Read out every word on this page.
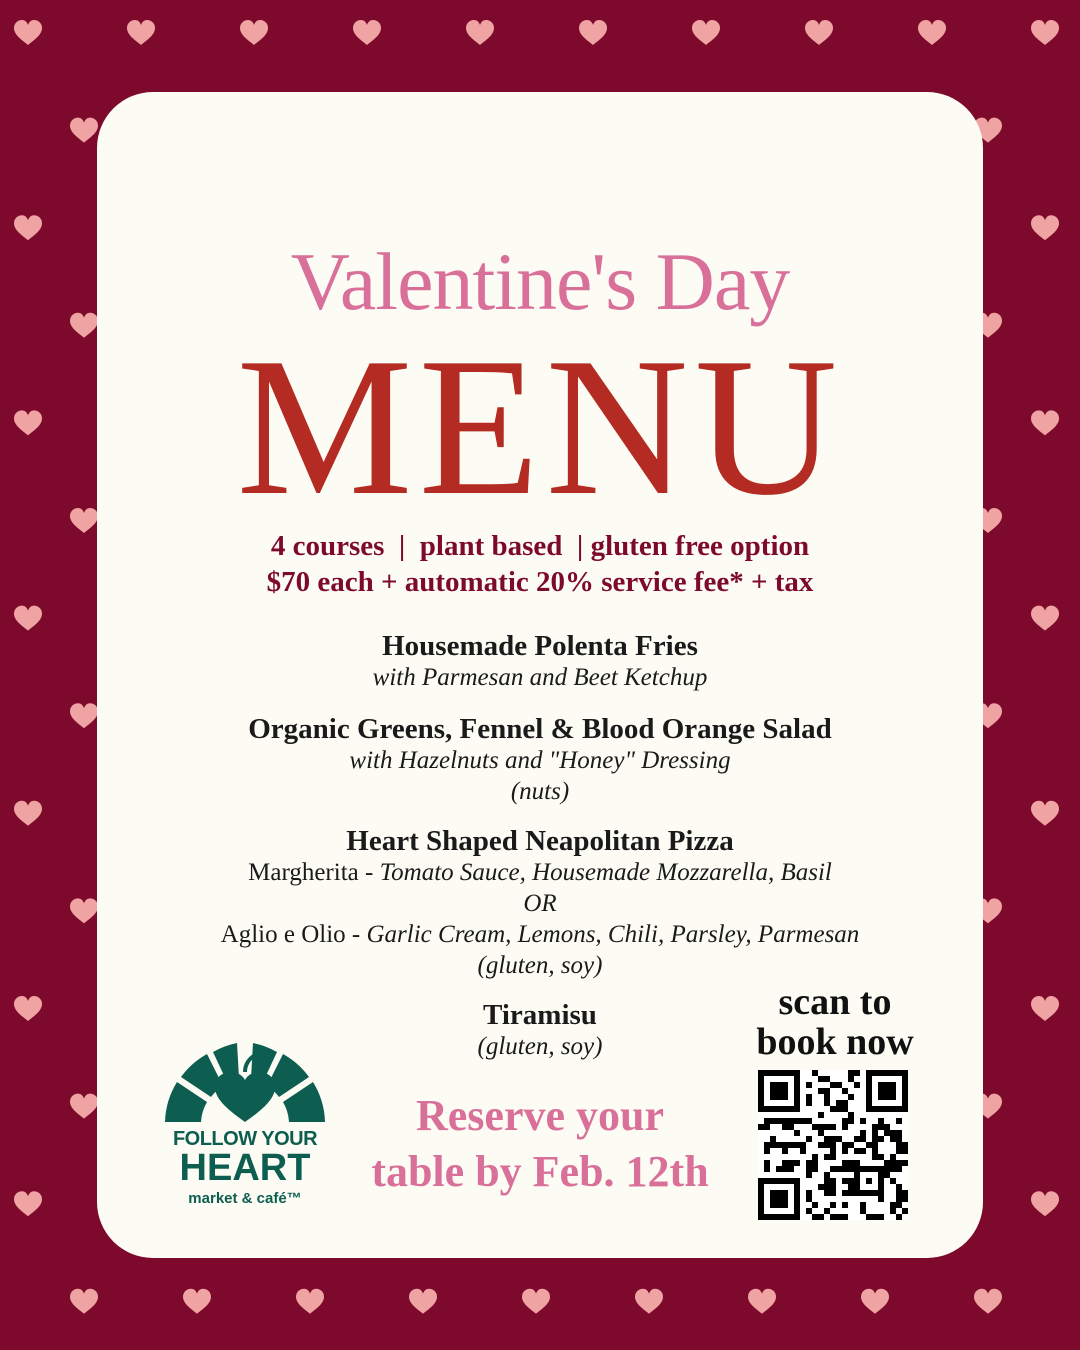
Valentine's Day
MENU
4 courses  |  plant based  | gluten free option
$70 each + automatic 20% service fee* + tax
Housemade Polenta Fries
with Parmesan and Beet Ketchup
Organic Greens, Fennel & Blood Orange Salad
with Hazelnuts and "Honey" Dressing
(nuts)
Heart Shaped Neapolitan Pizza
Margherita - Tomato Sauce, Housemade Mozzarella, Basil
OR
Aglio e Olio - Garlic Cream, Lemons, Chili, Parsley, Parmesan
(gluten, soy)
Tiramisu
(gluten, soy)
FOLLOW YOUR
HEART
market & café™
Reserve your
table by Feb. 12th
scan to
book now
